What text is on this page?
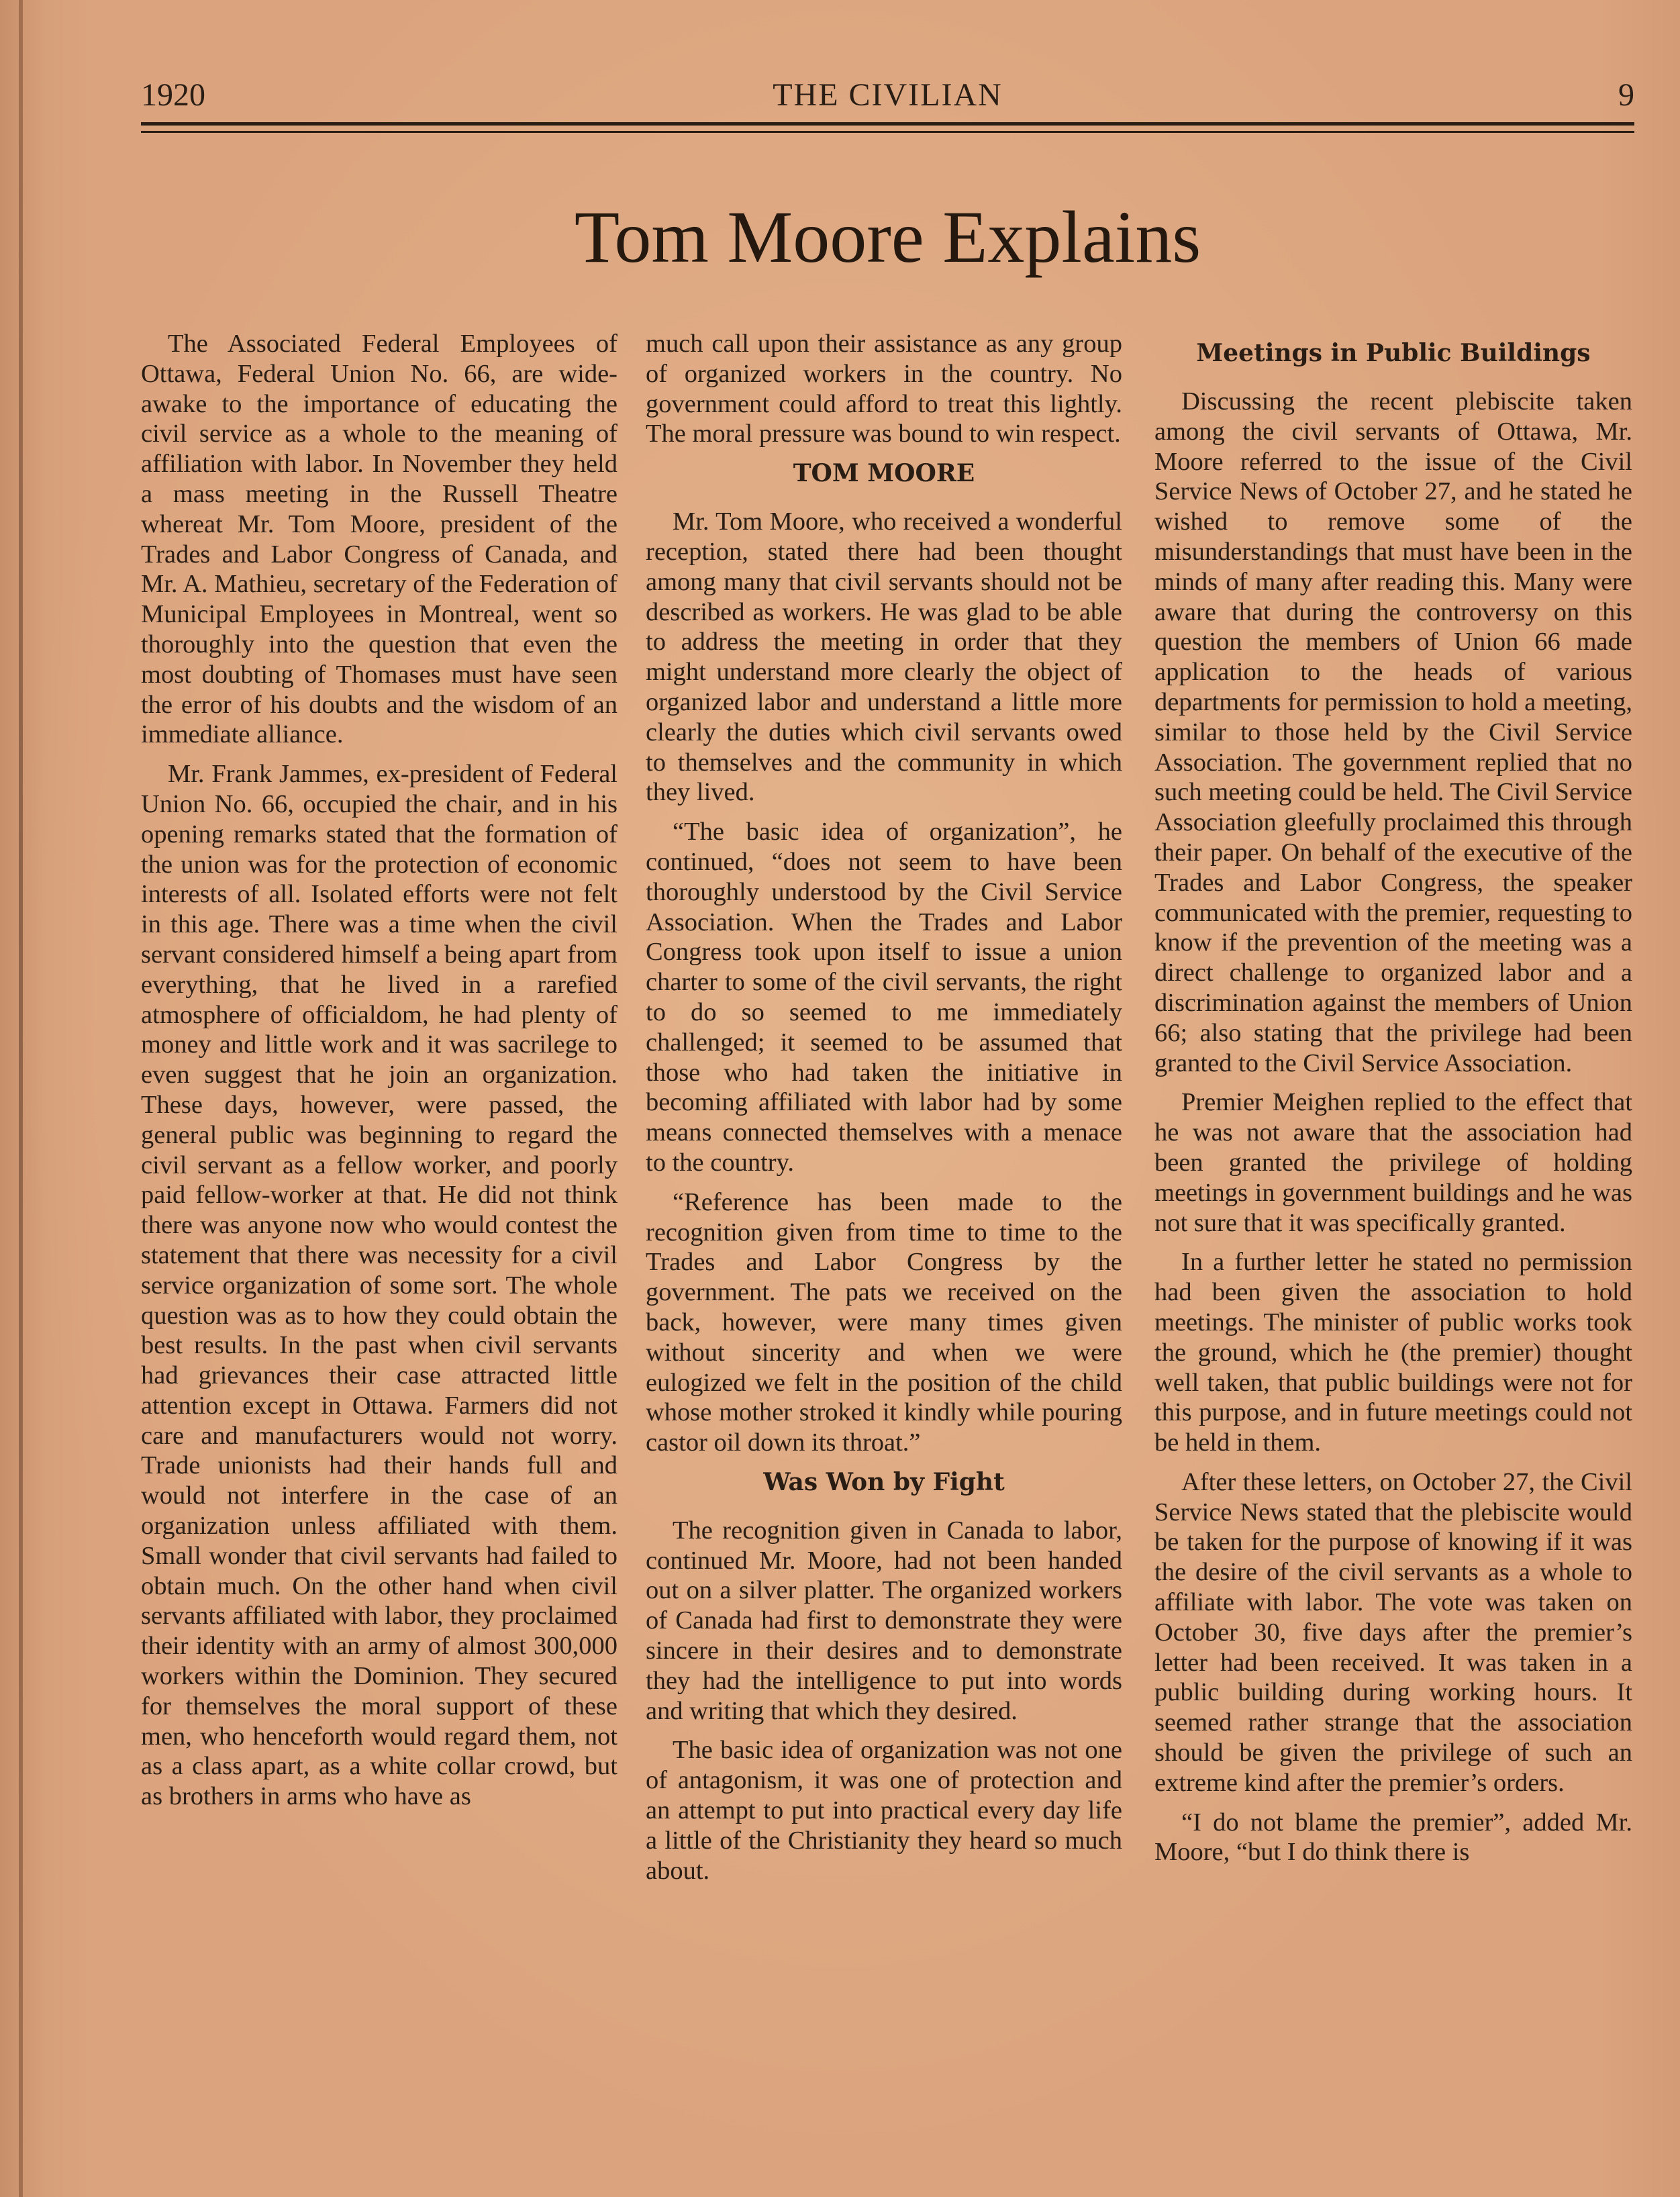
1920	THE CIVILIAN	9
Tom Moore Explains

The Associated Federal Employees of Ottawa, Federal Union No. 66, are wide-awake to the importance of educating the civil service as a whole to the meaning of affiliation with labor. In November they held a mass meeting in the Russell Theatre whereat Mr. Tom Moore, president of the Trades and Labor Congress of Canada, and Mr. A. Mathieu, secretary of the Federation of Municipal Employees in Montreal, went so thoroughly into the question that even the most doubting of Thomases must have seen the error of his doubts and the wisdom of an immediate alliance.

Mr. Frank Jammes, ex-president of Federal Union No. 66, occupied the chair, and in his opening remarks stated that the formation of the union was for the protection of economic interests of all. Isolated efforts were not felt in this age. There was a time when the civil servant considered himself a being apart from everything, that he lived in a rarefied atmosphere of officialdom, he had plenty of money and little work and it was sacrilege to even suggest that he join an organization. These days, however, were passed, the general public was beginning to regard the civil servant as a fellow worker, and poorly paid fellow-worker at that. He did not think there was anyone now who would contest the statement that there was necessity for a civil service organization of some sort. The whole question was as to how they could obtain the best results. In the past when civil servants had grievances their case attracted little attention except in Ottawa. Farmers did not care and manufacturers would not worry. Trade unionists had their hands full and would not interfere in the case of an organization unless affiliated with them. Small wonder that civil servants had failed to obtain much. On the other hand when civil servants affiliated with labor, they proclaimed their identity with an army of almost 300,000 workers within the Dominion. They secured for themselves the moral support of these men, who henceforth would regard them, not as a class apart, as a white collar crowd, but as brothers in arms who have as

much call upon their assistance as any group of organized workers in the country. No government could afford to treat this lightly. The moral pressure was bound to win respect.

TOM MOORE

Mr. Tom Moore, who received a wonderful reception, stated there had been thought among many that civil servants should not be described as workers. He was glad to be able to address the meeting in order that they might understand more clearly the object of organized labor and understand a little more clearly the duties which civil servants owed to themselves and the community in which they lived.

“The basic idea of organization”, he continued, “does not seem to have been thoroughly understood by the Civil Service Association. When the Trades and Labor Congress took upon itself to issue a union charter to some of the civil servants, the right to do so seemed to me immediately challenged; it seemed to be assumed that those who had taken the initiative in becoming affiliated with labor had by some means connected themselves with a menace to the country.

“Reference has been made to the recognition given from time to time to the Trades and Labor Congress by the government. The pats we received on the back, however, were many times given without sincerity and when we were eulogized we felt in the position of the child whose mother stroked it kindly while pouring castor oil down its throat.”

Was Won by Fight

The recognition given in Canada to labor, continued Mr. Moore, had not been handed out on a silver platter. The organized workers of Canada had first to demonstrate they were sincere in their desires and to demonstrate they had the intelligence to put into words and writing that which they desired.

The basic idea of organization was not one of antagonism, it was one of protection and an attempt to put into practical every day life a little of the Christianity they heard so much about.

Meetings in Public Buildings

Discussing the recent plebiscite taken among the civil servants of Ottawa, Mr. Moore referred to the issue of the Civil Service News of October 27, and he stated he wished to remove some of the misunderstandings that must have been in the minds of many after reading this. Many were aware that during the controversy on this question the members of Union 66 made application to the heads of various departments for permission to hold a meeting, similar to those held by the Civil Service Association. The government replied that no such meeting could be held. The Civil Service Association gleefully proclaimed this through their paper. On behalf of the executive of the Trades and Labor Congress, the speaker communicated with the premier, requesting to know if the prevention of the meeting was a direct challenge to organized labor and a discrimination against the members of Union 66; also stating that the privilege had been granted to the Civil Service Association.

Premier Meighen replied to the effect that he was not aware that the association had been granted the privilege of holding meetings in government buildings and he was not sure that it was specifically granted.

In a further letter he stated no permission had been given the association to hold meetings. The minister of public works took the ground, which he (the premier) thought well taken, that public buildings were not for this purpose, and in future meetings could not be held in them.

After these letters, on October 27, the Civil Service News stated that the plebiscite would be taken for the purpose of knowing if it was the desire of the civil servants as a whole to affiliate with labor. The vote was taken on October 30, five days after the premier’s letter had been received. It was taken in a public building during working hours. It seemed rather strange that the association should be given the privilege of such an extreme kind after the premier’s orders.

“I do not blame the premier”, added Mr. Moore, “but I do think there is
